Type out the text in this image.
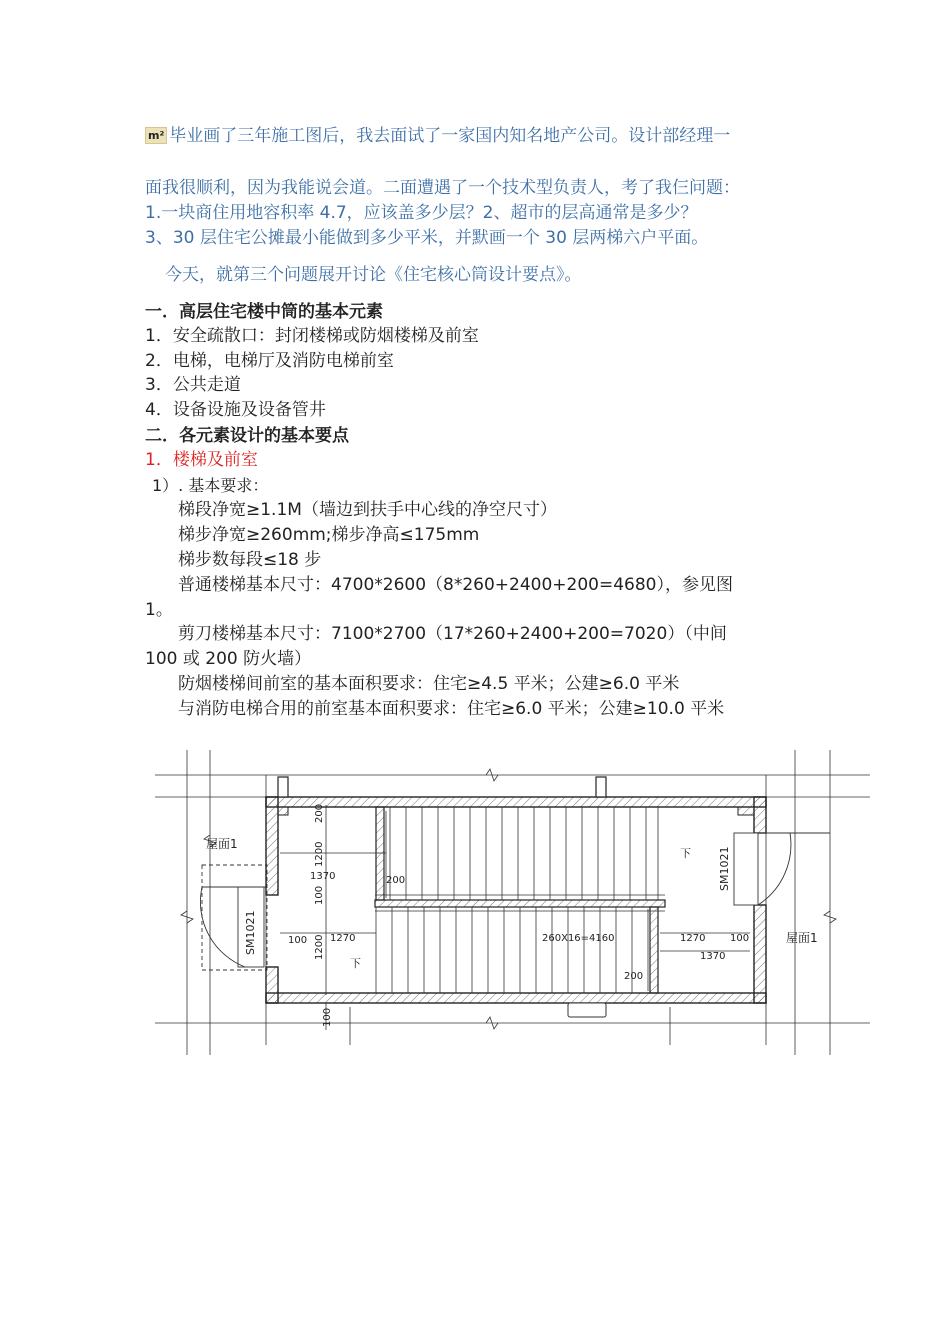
m² 毕业画了三年施工图后，我去面试了一家国内知名地产公司。设计部经理一
面我很顺利，因为我能说会道。二面遭遇了一个技术型负责人，考了我仨问题：
1.一块商住用地容积率 4.7，应该盖多少层？2、超市的层高通常是多少？
3、30 层住宅公摊最小能做到多少平米，并默画一个 30 层两梯六户平面。
今天，就第三个问题展开讨论《住宅核心筒设计要点》。
一．高层住宅楼中筒的基本元素
1．安全疏散口：封闭楼梯或防烟楼梯及前室
2．电梯，电梯厅及消防电梯前室
3．公共走道
4．设备设施及设备管井
二．各元素设计的基本要点
1．楼梯及前室
1）. 基本要求：
梯段净宽≥1.1M（墙边到扶手中心线的净空尺寸）
梯步净宽≥260mm;梯步净高≤175mm
梯步数每段≤18 步
普通楼梯基本尺寸：4700*2600（8*260+2400+200=4680），参见图
1。
剪刀楼梯基本尺寸：7100*2700（17*260+2400+200=7020）（中间
100 或 200 防火墙）
防烟楼梯间前室的基本面积要求：住宅≥4.5 平米；公建≥6.0 平米
与消防电梯合用的前室基本面积要求：住宅≥6.0 平米；公建≥10.0 平米
屋面1
屋面1
SM1021
SM1021
200
1200
1370	200
100
100 1200 1270
下
下
260X16=4160	1270 100
1370
200
100
